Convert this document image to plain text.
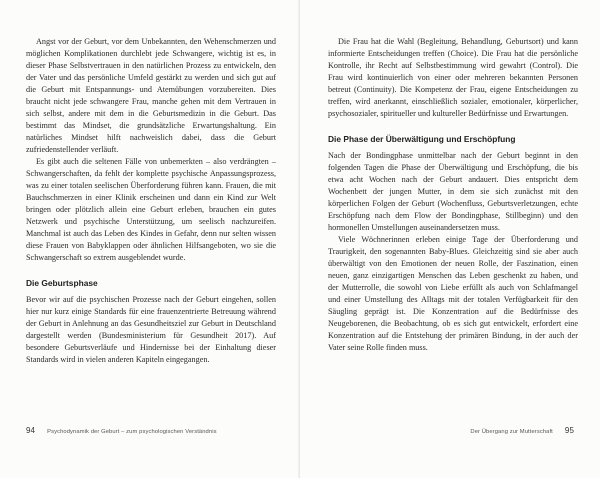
Angst vor der Geburt, vor dem Unbekannten, den Wehenschmerzen und möglichen Komplikationen durchlebt jede Schwangere, wichtig ist es, in dieser Phase Selbstvertrauen in den natürlichen Prozess zu entwickeln, den der Vater und das persönliche Umfeld gestärkt zu werden und sich gut auf die Geburt mit Entspannungs- und Atemübungen vorzubereiten. Dies braucht nicht jede schwangere Frau, manche gehen mit dem Vertrauen in sich selbst, andere mit dem in die Geburtsmedizin in die Geburt. Das bestimmt das Mindset, die grundsätzliche Erwartungshaltung. Ein natürliches Mindset hilft nachweislich dabei, dass die Geburt zufriedenstellender verläuft.

Es gibt auch die seltenen Fälle von unbemerkten – also verdrängten – Schwangerschaften, da fehlt der komplette psychische Anpassungsprozess, was zu einer totalen seelischen Überforderung führen kann. Frauen, die mit Bauchschmerzen in einer Klinik erscheinen und dann ein Kind zur Welt bringen oder plötzlich allein eine Geburt erleben, brauchen ein gutes Netzwerk und psychische Unterstützung, um seelisch nachzureifen. Manchmal ist auch das Leben des Kindes in Gefahr, denn nur selten wissen diese Frauen von Babyklappen oder ähnlichen Hilfsangeboten, wo sie die Schwangerschaft so extrem ausgeblendet wurde.

Die Geburtsphase

Bevor wir auf die psychischen Prozesse nach der Geburt eingehen, sollen hier nur kurz einige Standards für eine frauenzentrierte Betreuung während der Geburt in Anlehnung an das Gesundheitsziel zur Geburt in Deutschland dargestellt werden (Bundesministerium für Gesundheit 2017). Auf besondere Geburtsverläufe und Hindernisse bei der Einhaltung dieser Standards wird in vielen anderen Kapiteln eingegangen.

94 Psychodynamik der Geburt – zum psychologischen Verständnis

Die Frau hat die Wahl (Begleitung, Behandlung, Geburtsort) und kann informierte Entscheidungen treffen (Choice). Die Frau hat die persönliche Kontrolle, ihr Recht auf Selbstbestimmung wird gewahrt (Control). Die Frau wird kontinuierlich von einer oder mehreren bekannten Personen betreut (Continuity). Die Kompetenz der Frau, eigene Entscheidungen zu treffen, wird anerkannt, einschließlich sozialer, emotionaler, körperlicher, psychosozialer, spiritueller und kultureller Bedürfnisse und Erwartungen.

Die Phase der Überwältigung und Erschöpfung

Nach der Bondingphase unmittelbar nach der Geburt beginnt in den folgenden Tagen die Phase der Überwältigung und Erschöpfung, die bis etwa acht Wochen nach der Geburt andauert. Dies entspricht dem Wochenbett der jungen Mutter, in dem sie sich zunächst mit den körperlichen Folgen der Geburt (Wochenfluss, Geburtsverletzungen, echte Erschöpfung nach dem Flow der Bondingphase, Stillbeginn) und den hormonellen Umstellungen auseinandersetzen muss.

Viele Wöchnerinnen erleben einige Tage der Überforderung und Traurigkeit, den sogenannten Baby-Blues. Gleichzeitig sind sie aber auch überwältigt von den Emotionen der neuen Rolle, der Faszination, einen neuen, ganz einzigartigen Menschen das Leben geschenkt zu haben, und der Mutterrolle, die sowohl von Liebe erfüllt als auch von Schlafmangel und einer Umstellung des Alltags mit der totalen Verfügbarkeit für den Säugling geprägt ist. Die Konzentration auf die Bedürfnisse des Neugeborenen, die Beobachtung, ob es sich gut entwickelt, erfordert eine Konzentration auf die Entstehung der primären Bindung, in der auch der Vater seine Rolle finden muss.

Der Übergang zur Mutterschaft 95
